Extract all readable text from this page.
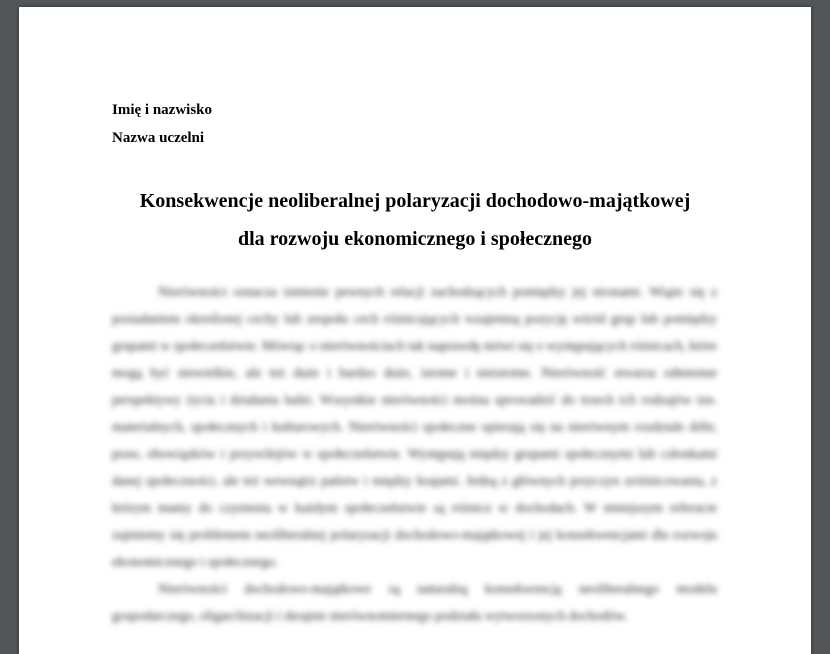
Imię i nazwisko
Nazwa uczelni
Konsekwencje neoliberalnej polaryzacji dochodowo-majątkowej
dla rozwoju ekonomicznego i społecznego

Nierówności oznacza istnienie pewnych relacji zachodzących pomiędzy jej stronami. Wiąże się z posiadaniem określonej cechy lub zespołu cech różnicujących wzajemną pozycję wśród grup lub pomiędzy grupami w społeczeństwie. Mówiąc o nierównościach tak naprawdę mówi się o występujących różnicach, które mogą być niewielkie, ale też duże i bardzo duże, istotne i nieistotne. Nierówność stwarza odmienne perspektywy życia i działania ludzi. Wszystkie nierówności można sprowadzić do trzech ich rodzajów tzn. materialnych, społecznych i kulturowych. Nierówności społeczne opierają się na nierównym rozdziale dóbr, praw, obowiązków i przywilejów w społeczeństwie. Występują między grupami społecznymi lub członkami danej społeczności, ale też wewnątrz państw i między krajami. Jedną z głównych przyczyn zróżnicowania, z którym mamy do czynienia w każdym społeczeństwie są różnice w dochodach. W niniejszym referacie zajmiemy się problemem neoliberalnej polaryzacji dochodowo-majątkowej i jej konsekwencjami dla rozwoju ekonomicznego i społecznego.

Nierówności dochodowo-majątkowe są naturalną konsekwencją neoliberalnego modelu gospodarczego, oligarchizacji i skrajnie nierównomiernego podziału wytworzonych dochodów.
